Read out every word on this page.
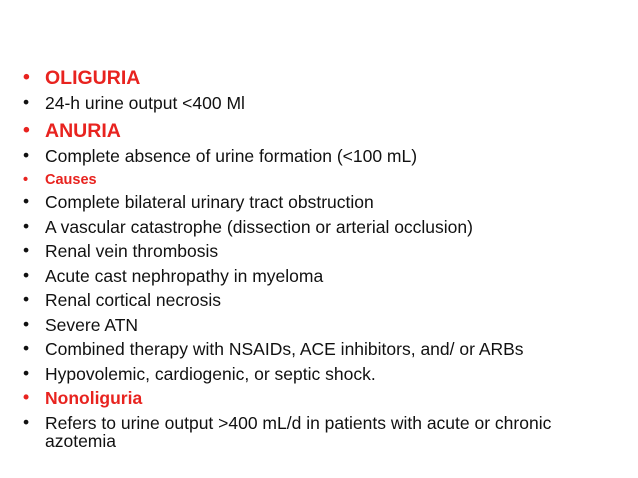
• OLIGURIA
• 24-h urine output <400 Ml
• ANURIA
• Complete absence of urine formation (<100 mL)
•	Causes
• Complete bilateral urinary tract obstruction
• A vascular catastrophe (dissection or arterial occlusion)
• Renal vein thrombosis
• Acute cast nephropathy in myeloma
• Renal cortical necrosis
• Severe ATN
• Combined therapy with NSAIDs, ACE inhibitors, and/ or ARBs
• Hypovolemic, cardiogenic, or septic shock.
• Nonoliguria
• Refers to urine output >400 mL/d in patients with acute or chronic azotemia
